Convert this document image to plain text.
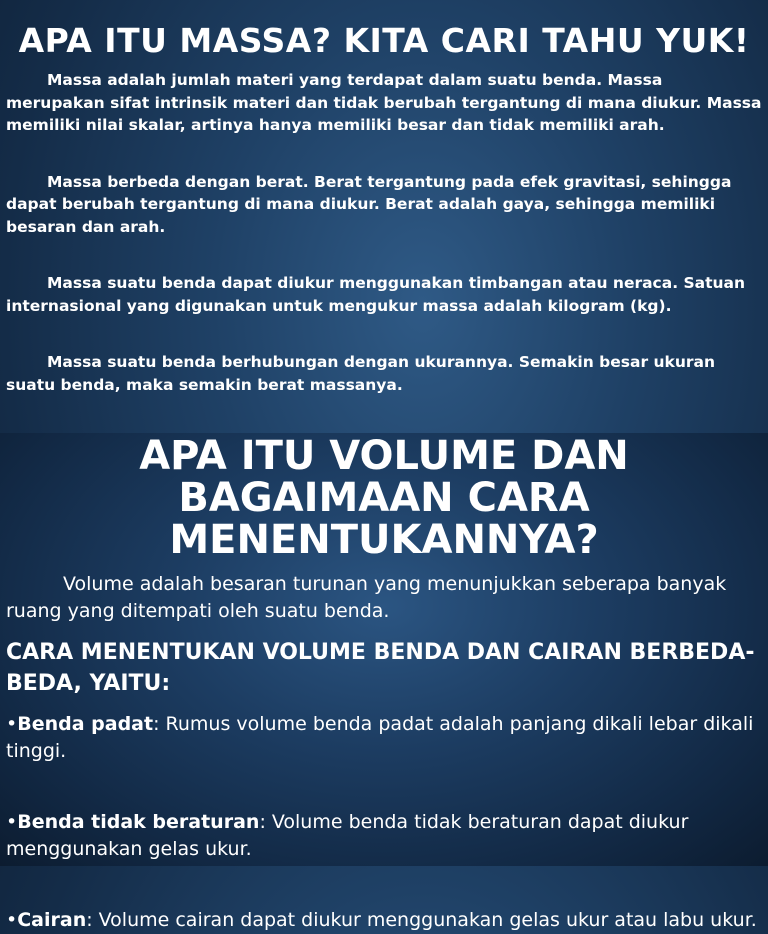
APA ITU MASSA? KITA CARI TAHU YUK!

Massa adalah jumlah materi yang terdapat dalam suatu benda. Massa merupakan sifat intrinsik materi dan tidak berubah tergantung di mana diukur. Massa memiliki nilai skalar, artinya hanya memiliki besar dan tidak memiliki arah.

Massa berbeda dengan berat. Berat tergantung pada efek gravitasi, sehingga dapat berubah tergantung di mana diukur. Berat adalah gaya, sehingga memiliki besaran dan arah.

Massa suatu benda dapat diukur menggunakan timbangan atau neraca. Satuan internasional yang digunakan untuk mengukur massa adalah kilogram (kg).

Massa suatu benda berhubungan dengan ukurannya. Semakin besar ukuran suatu benda, maka semakin berat massanya.

APA ITU VOLUME DAN BAGAIMAAN CARA MENENTUKANNYA?

Volume adalah besaran turunan yang menunjukkan seberapa banyak ruang yang ditempati oleh suatu benda.

CARA MENENTUKAN VOLUME BENDA DAN CAIRAN BERBEDA-BEDA, YAITU:

•Benda padat: Rumus volume benda padat adalah panjang dikali lebar dikali tinggi.

•Benda tidak beraturan: Volume benda tidak beraturan dapat diukur menggunakan gelas ukur.

•Cairan: Volume cairan dapat diukur menggunakan gelas ukur atau labu ukur.
